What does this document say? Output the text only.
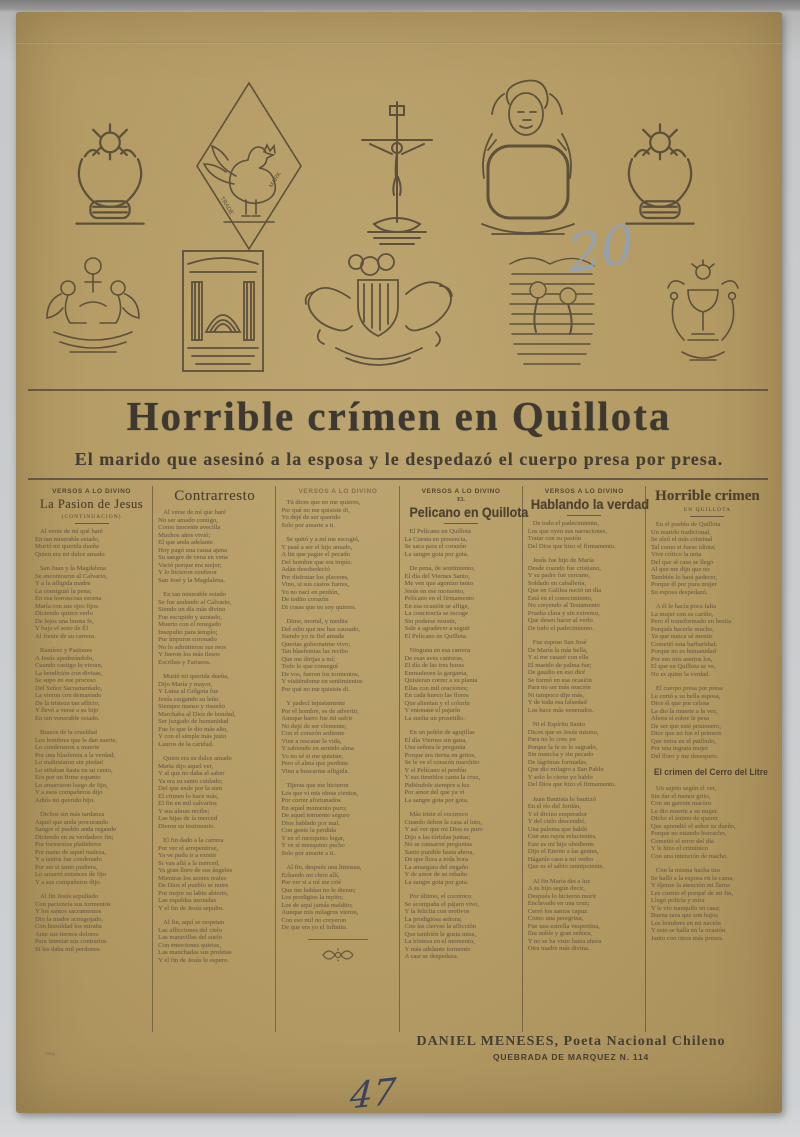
TRADE
MARK
20
47
Horrible crímen en Quillota
El marido que asesinó a la esposa y le despedazó el cuerpo presa por presa.
VERSOS A LO DIVINO
La Pasion de Jesus
(CONTINUACION)

Al verse de mí qué haré
En tan miserable estado,
Murió mi querida dueña
Quien era mi dulce amado.

San Juan y la Magdalena
Se encontraron al Calvario,
Y a la afligida madre
La consiguió la pena;
En esa borrascosa escena
María con sus ojos fijos
Diciendo quiero verlo
De lejos una buena fe,
Y bajo el seno de Él
Al frente de su carrera.

Ramírez y Pasiones
A Jesús apedreándolo,
Cuando castigo lo vieran,
La bendición con divisas,
Se supo en ese proceso
Del Señor Sacramentado,
La vieron con demasiado
De la tristeza tan aflicto,
Y llevó a verse a su hijo
En tan venerable estado.

Brazos de la crueldad
Los hombres que le dan suerte,
Lo condenaron a muerte
Por una blasfemia a la verdad;
Lo maltrataron sin piedad
Lo sitiaban hasta en su canto,
Era por un firme espanto
Lo amarraron luego de fijo,
Y a esos compañeros dijo
Adiós mi querido hijo.

Dichos sin más tardanza
Aquel que anda procurando
Sangre el pueblo anda regando
Diciendo en su verdadero fin;
Por tormentos plañideros
Por mano de aquel maleza,
Y a tantos fue condenado
Por ser si tanto pudiera,
Lo amarró entonces de fijo
Y a sus compañeros dijo.

Al fin Jesús sepultado
Con paciencia sus tormentos
Y los santos sacramentos
Dio la madre acongojado,
Con humildad los miraba
Ante sus tiernos dolores
Para intentar sus contrarios
Si les daba mil perdones.

Contrarresto

Al verse de mí que haré
No ser amado contigo,
Como inocente avecilla
Muchos años vivió;
El que anda adelante
Hoy pagó una causa ajena
Su sangre de vena en vena
Vació porque era mejor;
Y lo hicieron confesor
San José y la Magdalena.

En tan miserable estado
Se fue andando al Calvario,
Siendo un día más divino
Fue escupido y azotado,
Muerto con el renegado
Insepulto para templo;
Por impuros coronado
No lo admitieron sus reos
Y fueron los más ilesos
Escribas y Fariseos.

Murió mi querida dueña,
Dijo María y mayor,
Y Luisa al Gólgota fue
Jesús cargando su leño.
Siempre manso y risueño
Marchaba al Dios de bondad,
Ser juzgado de humanidad
Fue lo que le dio más alto,
Y con el simple más justo
Lauros de la caridad.

Quien era su dulce amado
María dijo aquel ver,
Y al que no daba el saber
Ya era su santo cuidado;
Del que ande por la sien
El crimen lo hace más,
El fin en mil calvarios
Y sus almas recibe;
Las hijas de la merced
Dieron su testimonio.

El fin dado a la carrera
Por ver el arrepentirse,
Ya ve pudo ir a existir
Si van allá a la merced,
Ya gran lloro de sus ángeles
Mientras los azotes reales
De Dios el pueblo se nutre
Por mejor su labio abierto,
Las espaldas azotadas
Y el fin de Jesús sepulto.

Al fin, aquí se respetan
Las aflicciones del cielo
Las maravillas del suelo
Con emociones quietas,
Las manchadas sus profetas
Y el fin de Jesús lo espero.

VERSOS A LO DIVINO

Tú dices que no me quieres,
Por qué no me quisiste di,
Yo dejé de ser querido
Solo por amarte a ti.

Se quitó y a mí me escogió,
Y pasé a ser el hijo amado,
A fin que pague el pecado
Del hombre que era impío.
Adán desobedeció
Por disfrutar los placeres,
Vino, si sus castos fueres,
Yo no nací en perdón,
De todito corazón
Di cosas que no soy quieres.

Dime, mortal, y medita
Del odio que me has causado,
Siendo yo tu fiel amada
Querías gobernarme vivo;
Tan blasfemias las recibo
Que me dirijas a mí;
Todo lo que conseguí
De vos, fueron los tormentos,
Y vistiéndome en sentimientos
Por qué no me quisiste di.

Y padecí injustamente
Por el hombre, es de advertir,
Aunque barro fue mi sufrir
No dejé de ser clemente;
Con el corazón ardiente
Vine a rescatar la vida,
Y sabiendo en sentido alma
Yo no sé si me quisiste,
Pero el alma que perdiste
Vino a buscarme afligida.

Tijeras que me hicieron
Los que vi mis obras cientos,
Por correr afortunados
En aquel momento puro;
De aquel tormento seguro
Dios hablado por mal,
Con gente la perdida
Y en el mezquino lugar,
Y ve si mezquino pecho
Solo por amarte a ti.

Al fin, después una limosna,
Echando mi clero allí,
Por ver si a mí me crié
Que me hablan no le dieran;
Los prodigios la repito;
Los de aquí jamás maldito;
Aunque mis milagros vieron,
Con eso mil no creyeron
De que era yo el infinito.

VERSOS A LO DIVINO
EL
Pelicano en Quillota

El Pelícano en Quillota
La Cuesta en presencia,
Se saca para el corazón
La sangre gota por gota.

De pena, de sentimiento,
El día del Viernes Santo,
Me ven que agonizo tanto
Jesús en ese momento,
Pelícano en el firmamento
En esa ocasión se aflige,
La conciencia se escoge
Sin poderse resistir,
Sale a agradecer a seguir
El Pelícano en Quillota.

Ninguna en esa carrera
De esas aves cantoras,
El día de las tres horas
Enmudecen la garganta,
Quisieran correr a su planta
Ellas con mil oraciones;
En cada hueco las flores
Que alientan y el colorín
Y entonase el pajarín
La suelta un prosetillo.

En un peñón de agujillas
El día Viernes sin gana,
Una señora le pregunta
Porque era tierna en gritos,
Se le ve el corazón marchito
Y el Pelícano el perdón
Y sus tiemblos canta la cruz,
Pidiéndole siempre a luz
Por amor del que ya vi
La sangre gota por gota.

Más triste el cocoroco
Cuando deben la casa al luto,
Y así ver que mi Dios es puro
Dijo a las tórtolas juntas;
No se cansaron preguntas
Santo punible hasta ahora,
De que llora a toda hora
La amargura del engaño
Y de amor de su rebaño
La sangre gota por gota.

Por último, el cocoroco
Se acompaña el pájaro vivo,
Y la felicita con motivos
La prodigiosa señora;
Con las ciervas la aflicción
Que también le gusta misa,
La tristeza en el momento,
Y más adelante tormento
A casi se despedaza.

VERSOS A LO DIVINO
Hablando la verdad

De todo el padecimiento,
Los que oyen sus narraciones,
Tratar con su pasión
Del Dios que hizo el firmamento.

Jesús fue hijo de María
Desde cuando fue cristiano,
Y su padre fue cercano,
Soldado en caballería,
Que en Galilea nació un día
Está en el conocimiento,
No creyendo al Testamento
Prueba clara y sin extremo,
Que deseo hacer al verlo
De todo el padecimiento.

Fue esposo San José
De María la más bella,
Y si me casaré con ella
El marido de palma fue;
De gaudio en eso diré
Se formó en esa ocasión
Para no ser más oración
Ni tampoco dije más,
Y de toda esa falsedad
Los hace más venerados.

Ni el Espíritu Santo
Dicen que es Jesús mismo,
Para no lo creo yo
Porque la fe es lo sagrado,
Sin mancha y sin pecado
De lágrimas formadas,
Que dio milagro a San Pablo
Y solo lo cierto yo hablo
Del Dios que hizo el firmamento.

Juan Bautista lo bautizó
En el río del Jordán,
Y el divino emperador
Y del cielo descendió,
Una paloma que habló
Con sus rayos relucientes,
Este es mi hijo obediente
Dijo el Eterno a las gentes,
Háganle caso a mi verbo
Que es el sabio omnipotente.

Al fin María dio a luz
A su hijo según decir,
Después lo hicieron morir
Enclavado en una cruz;
Cerró los santos capuz
Como una peregrina,
Fue una estrella vespertina,
Era noble y gran señora,
Y no se ha visto hasta ahora
Otra madre más divina.

Horrible crimen
EN QUILLOTA

En el pueblo de Quillota
Un marido tradicional,
Se alzó el más criminal
Tal como si fuese idiota;
Vive crítico la nota
Del que al caso se llegó
Al que me dijo que no
También lo hará padecer,
Porque él por pura mujer
Su esposa despedazó.

A él le hacía poca falta
La mujer con su cariño,
Pero él transformado en bestia
Porqués hacerle mucho,
Ya que nunca sé mentir
Cometió esta barbaridad;
Porque no es humanidad
Por eso mis asertos los,
El que en Quillota se ve,
No es quien la verdad.

El cuerpo presa por presa
Le cortó a su bella esposa,
Dice él que por celosa
La dio la muerte a la vez,
Ahora sí sobre le pesa
De ser que esté prisionero,
Dice que no fue el primero
Que entra en el patíbulo,
Por una ingrata mujer
Del lloro y me desespero.

El crimen del Cerro del Litre

Un sujeto según el ver,
Sin dar el menor grito,
Con un garrote macizo
Le dio muerte a su mujer.
Dicho el ánimo de querer
Que aprendió el señor su dueño,
Porque no estando borracho,
Cometió el error del día
Y le hizo el crimínico
Con una intención de macho.

Con la misma hacha tira
Se halló a la esposa en la cama,
Y fíjense la atención mi llama
Les cuento el porqué de mi fin,
Llegó policía y mira
Y le vio tranquilo en casa;
Buena raza que son bajos
Los hombres en mi nación
Y esto se halla en la ocasión
Junto con otros más presos.

DANIEL MENESES, Poeta Nacional Chileno
QUEBRADA DE MARQUEZ N. 114
Imp.
